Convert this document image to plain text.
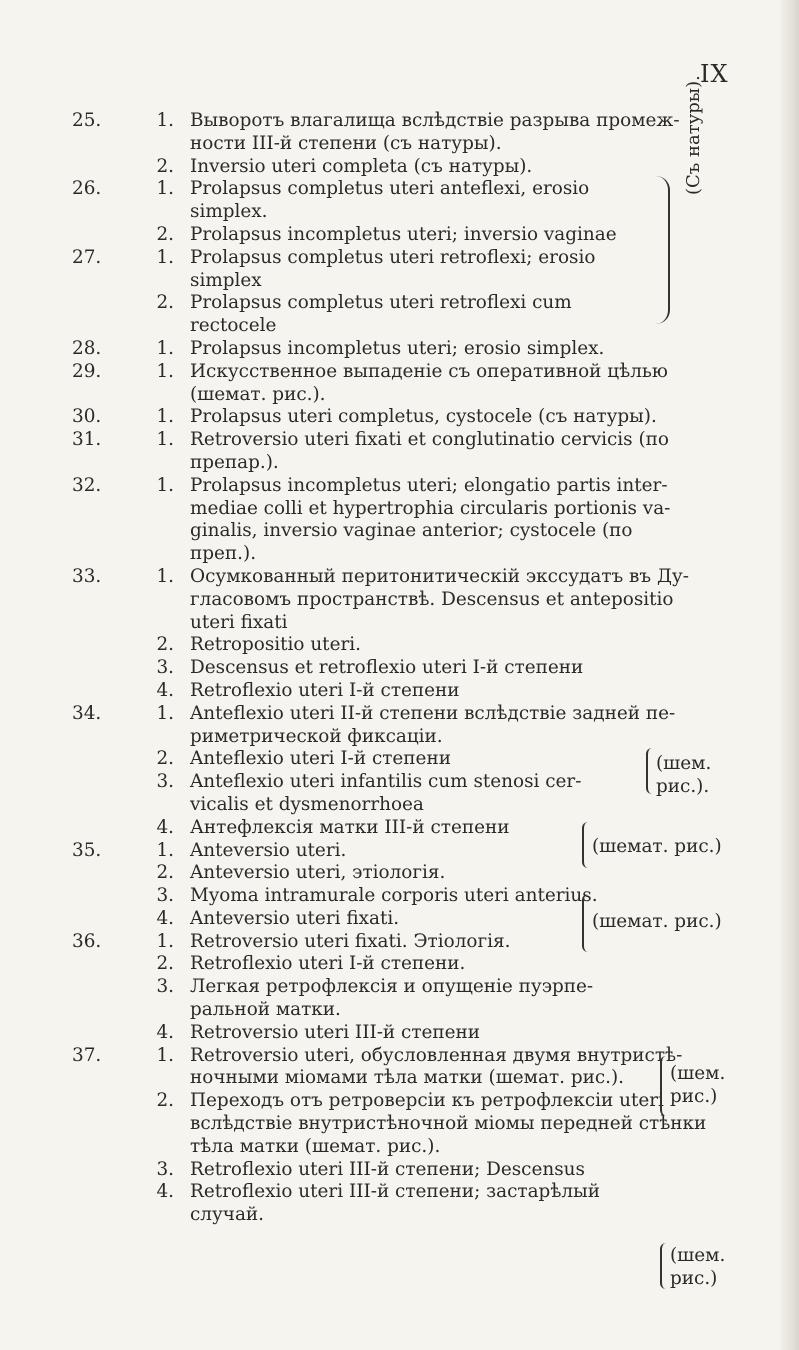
IX
(Съ натуры).
25.	1. Выворотъ влагалища вслѣдствіе разрыва промеж-
ности III-й степени (съ натуры).
2. Inversio uteri completa (съ натуры).
26.	1. Prolapsus completus uteri anteflexi, erosio
simplex.
2. Prolapsus incompletus uteri; inversio vaginae
27.	1. Prolapsus completus uteri retroflexi; erosio
simplex
2. Prolapsus completus uteri retroflexi cum
rectocele
28.	1. Prolapsus incompletus uteri; erosio simplex.
29.	1. Искусственное выпаденіе съ оперативной цѣлью
(шемат. рис.).
30.	1. Prolapsus uteri completus, cystocele (съ натуры).
31.	1. Retroversio uteri fixati et conglutinatio cervicis (по
препар.).
32.	1. Prolapsus incompletus uteri; elongatio partis inter-
mediae colli et hypertrophia circularis portionis va-
ginalis, inversio vaginae anterior; cystocele (по
преп.).
33.	1. Осумкованный перитонитическій экссудатъ въ Ду-
гласовомъ пространствѣ. Descensus et anteрositio
uteri fixati
2. Retropositio uteri.
3. Descensus et retroflexio uteri I-й степени
4. Retroflexio uteri I-й степени
34.	1. Anteflexio uteri II-й степени вслѣдствіе задней пе-
риметрической фиксаціи.
2. Anteflexio uteri I-й степени
3. Anteflexio uteri infantilis cum stenosi cer-
vicalis et dysmenorrhoea
4. Антефлексія матки III-й степени
35.	1. Anteversio uteri.
2. Anteversio uteri, этіологія.
3. Myoma intramurale corporis uteri anterius.
4. Anteversio uteri fixati.
36.	1. Retroversio uteri fixati. Этіологія.
2. Retroflexio uteri I-й степени.
3. Легкая ретрофлексія и опущеніе пуэрпе-
ральной матки.
4. Retroversio uteri III-й степени
37.	1. Retroversio uteri, обусловленная двумя внутристѣ-
ночными міомами тѣла матки (шемат. рис.).
2. Переходъ отъ ретроверсіи къ ретрофлексіи uteri
вслѣдствіе внутристѣночной міомы передней стѣнки
тѣла матки (шемат. рис.).
3. Retroflexio uteri III-й степени; Descensus
4. Retroflexio uteri III-й степени; застарѣлый
случай.
(шем.
рис.).
(шемат. рис.)
(шемат. рис.)
(шем.
рис.)
(шем.
рис.)
